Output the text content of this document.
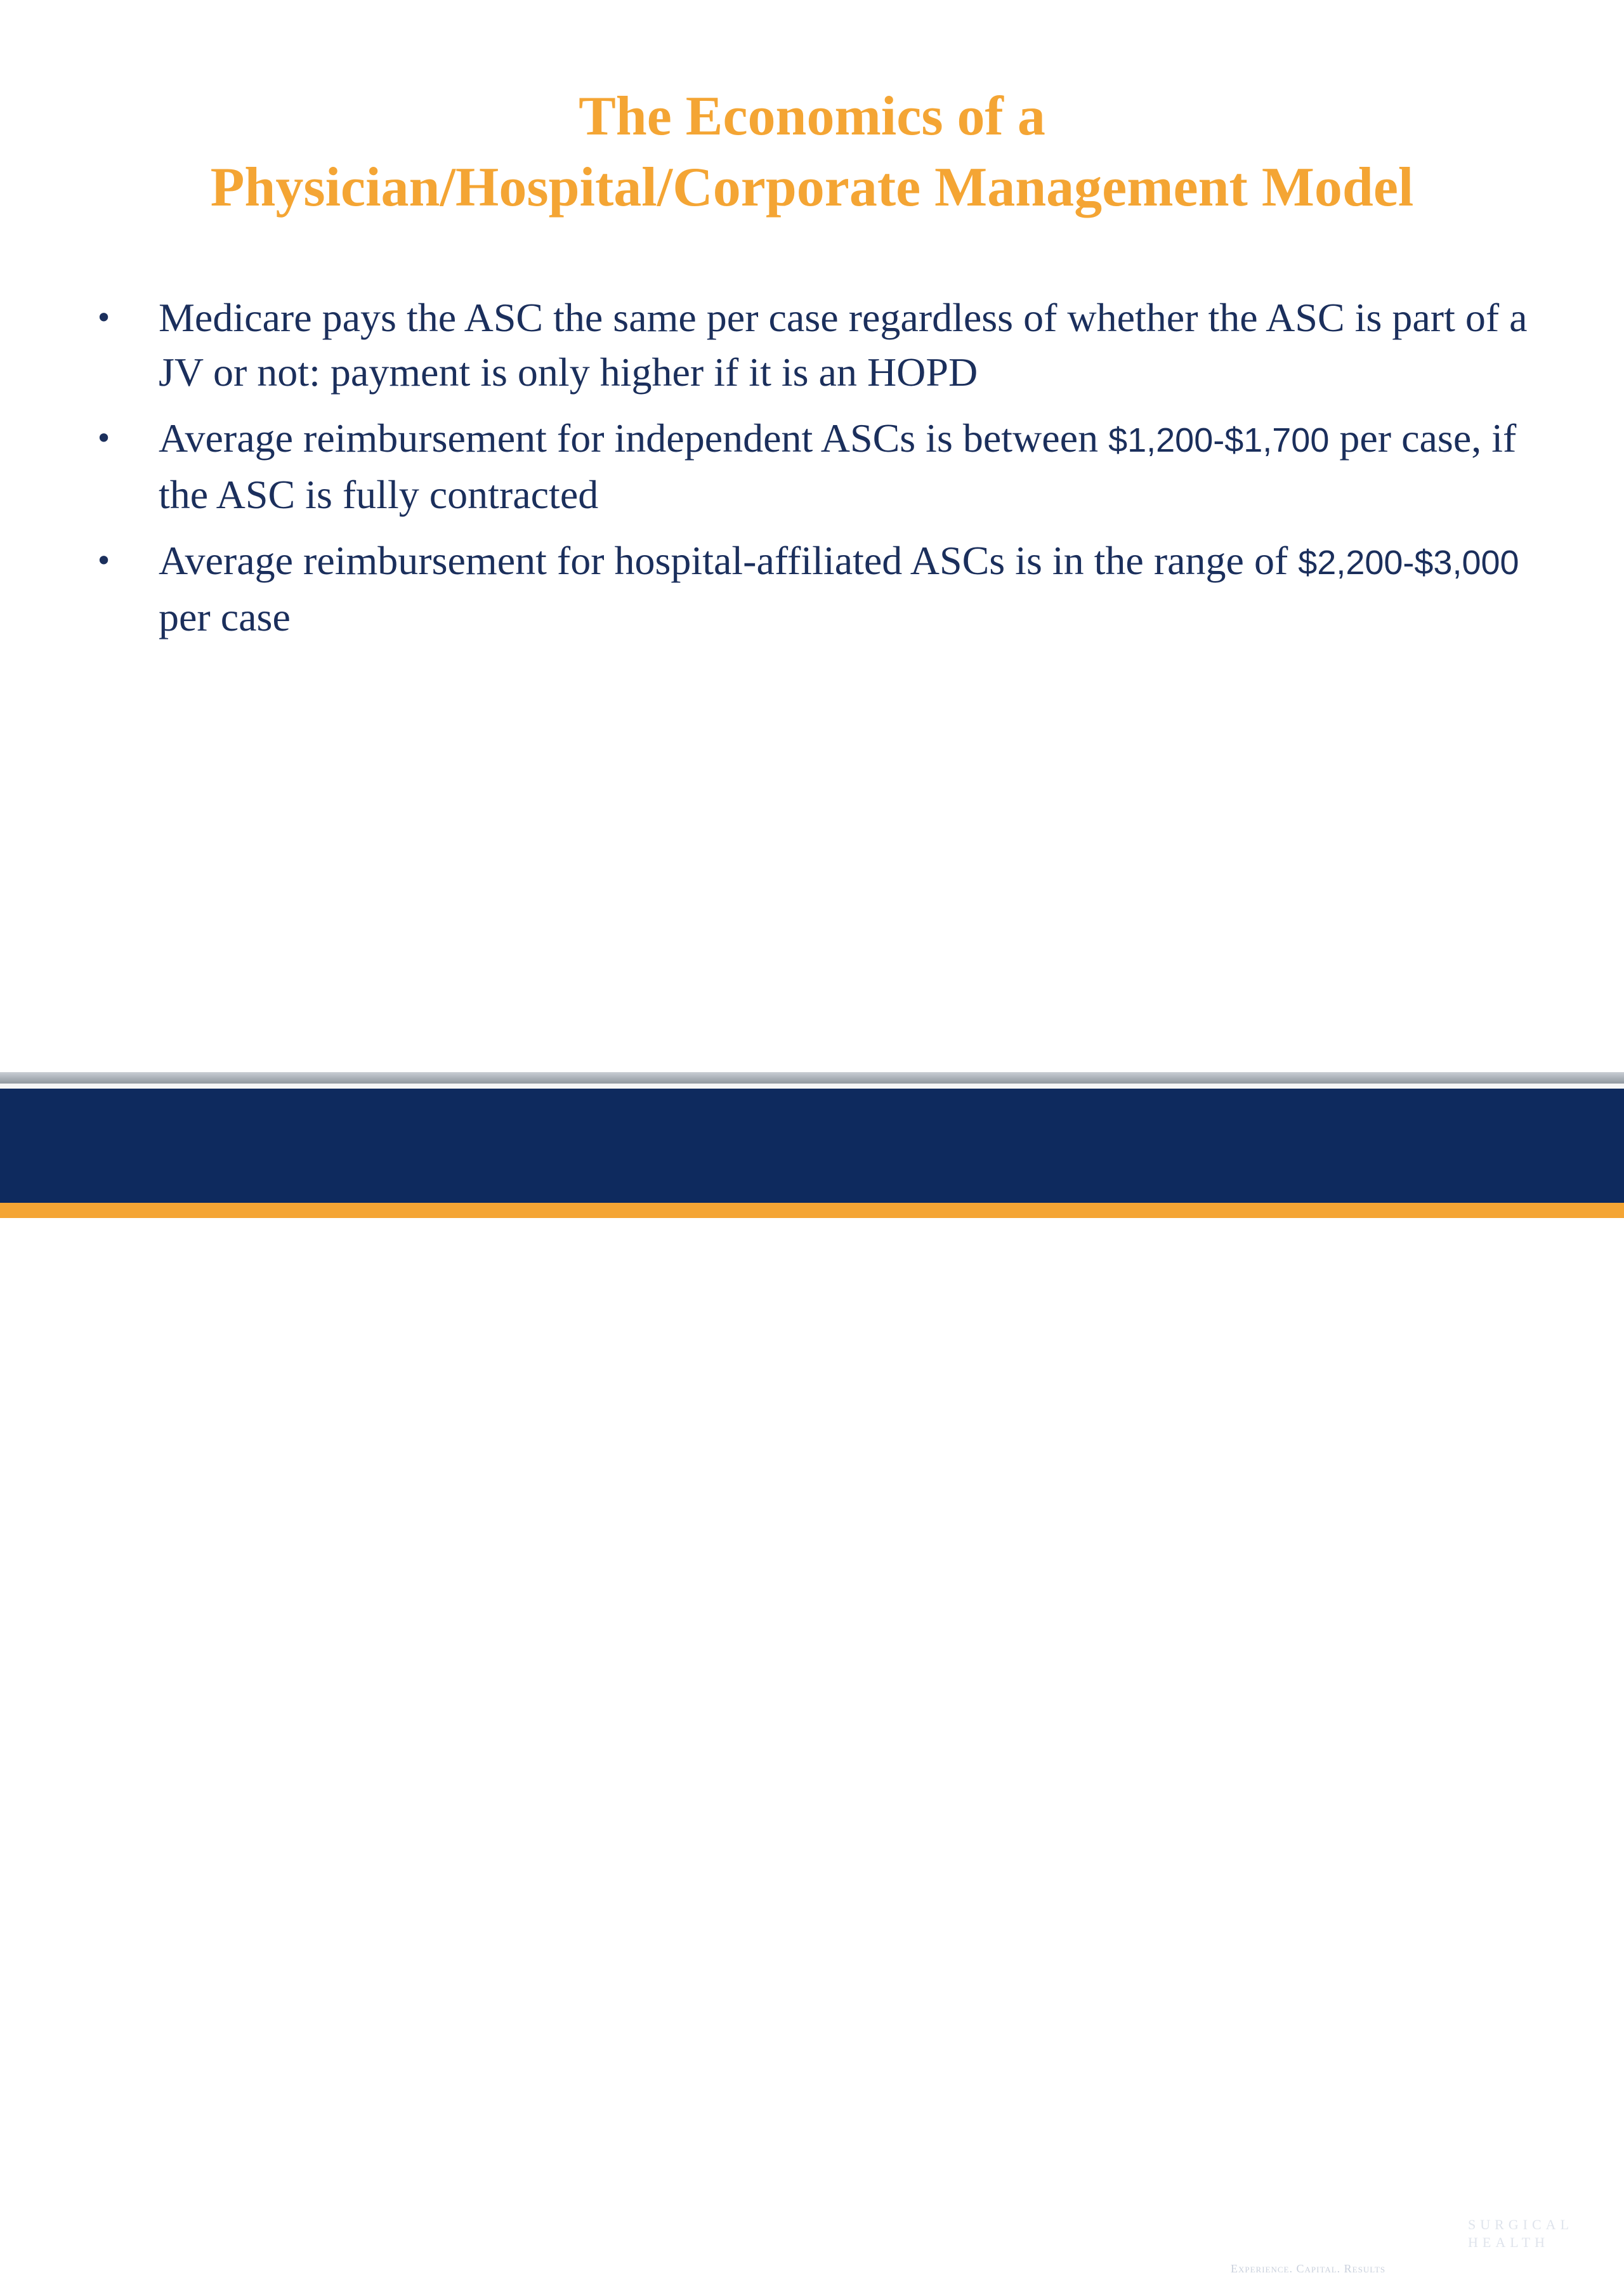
The Economics of a
Physician/Hospital/Corporate Management Model
• Medicare pays the ASC the same per case regardless of whether the ASC is part of a JV or not: payment is only higher if it is an HOPD
• Average reimbursement for independent ASCs is between $1,200-$1,700 per case, if the ASC is fully contracted
• Average reimbursement for hospital-affiliated ASCs is in the range of $2,200-$3,000 per case
REGENT	SURGICAL
HEALTH
Experience. Capital. Results
